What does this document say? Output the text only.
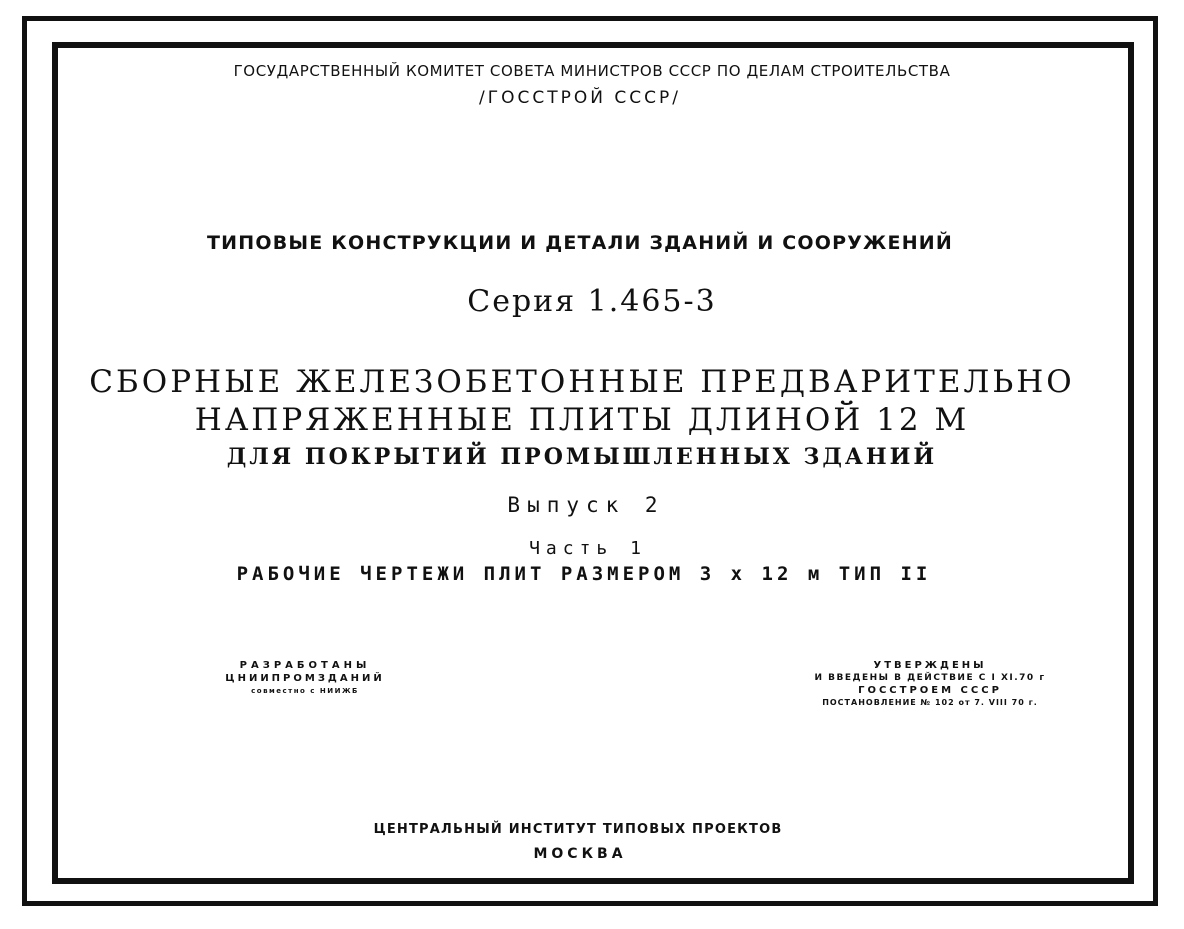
ГОСУДАРСТВЕННЫЙ КОМИТЕТ СОВЕТА МИНИСТРОВ СССР ПО ДЕЛАМ СТРОИТЕЛЬСТВА
/ГОССТРОЙ СССР/
ТИПОВЫЕ КОНСТРУКЦИИ И ДЕТАЛИ ЗДАНИЙ И СООРУЖЕНИЙ
Серия 1.465-3
СБОРНЫЕ ЖЕЛЕЗОБЕТОННЫЕ ПРЕДВАРИТЕЛЬНО
НАПРЯЖЕННЫЕ ПЛИТЫ ДЛИНОЙ 12 М
ДЛЯ ПОКРЫТИЙ ПРОМЫШЛЕННЫХ ЗДАНИЙ
Выпуск 2
Часть 1
РАБОЧИЕ ЧЕРТЕЖИ ПЛИТ РАЗМЕРОМ 3 х 12 м ТИП II
РАЗРАБОТАНЫ
ЦНИИПРОМЗДАНИЙ
совместно с НИИЖБ
УТВЕРЖДЕНЫ
И ВВЕДЕНЫ В ДЕЙСТВИЕ С I XI.70 г
ГОССТРОЕМ СССР
ПОСТАНОВЛЕНИЕ № 102 от 7. VIII 70 г.
ЦЕНТРАЛЬНЫЙ ИНСТИТУТ ТИПОВЫХ ПРОЕКТОВ
МОСКВА
